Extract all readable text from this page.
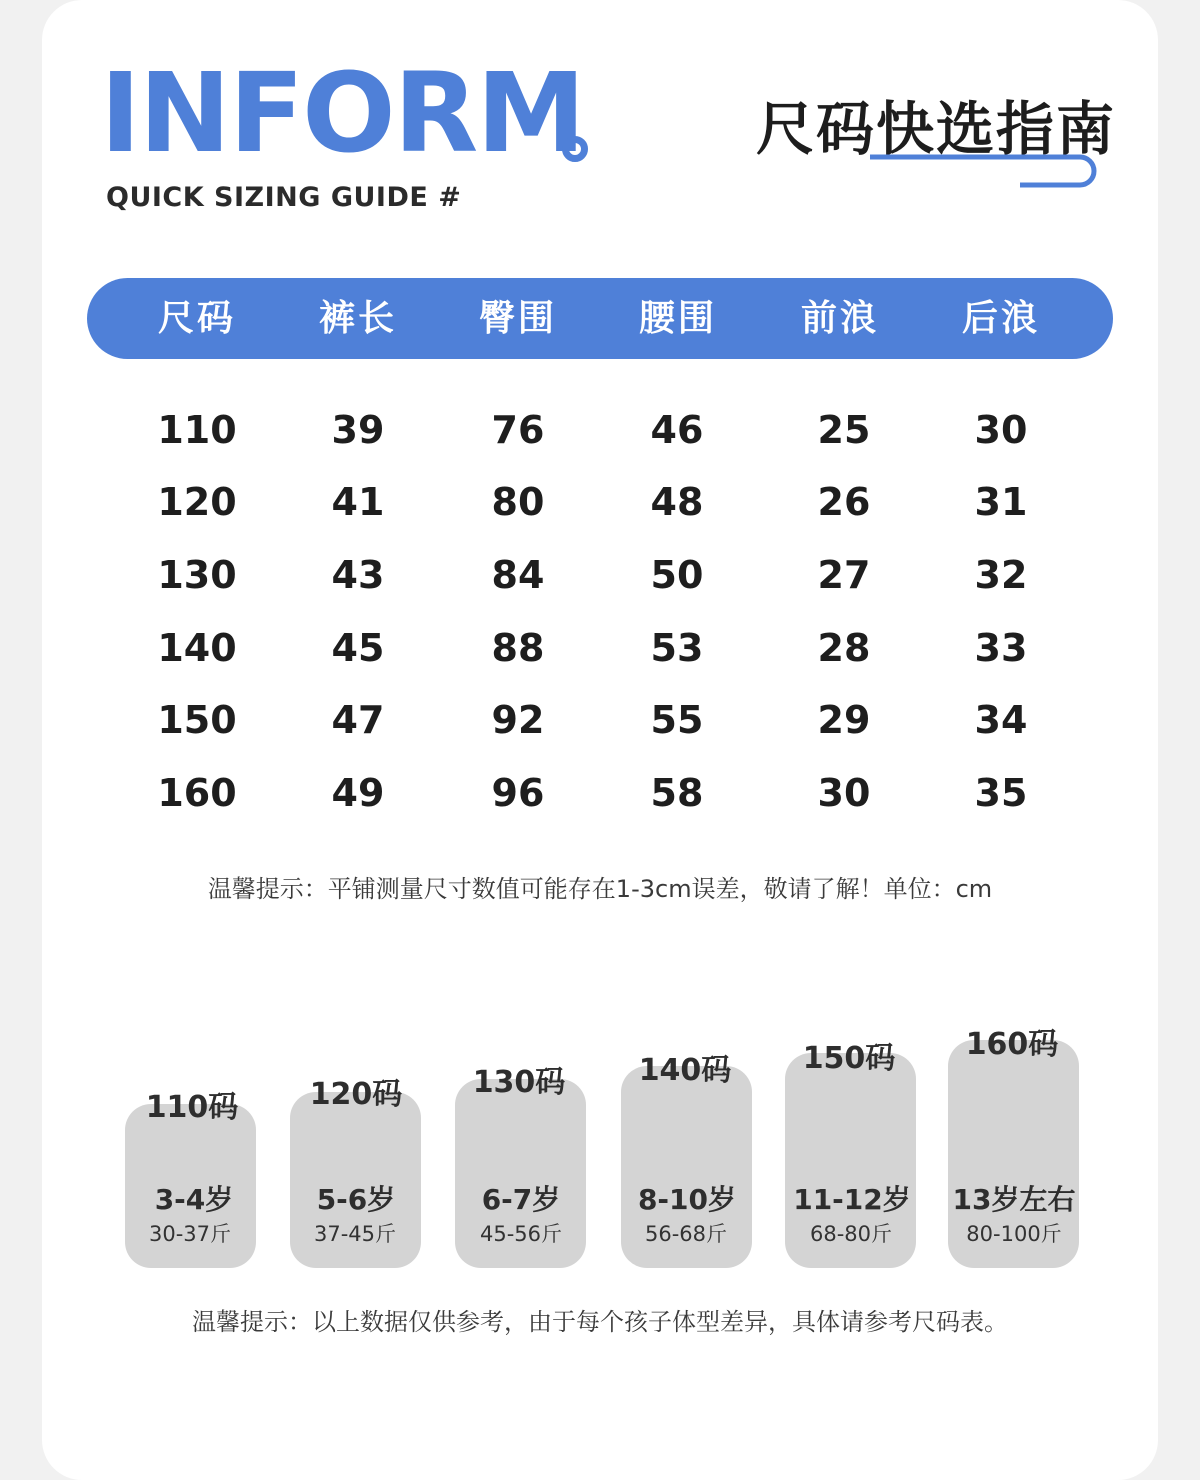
INFORM
QUICK SIZING GUIDE #
尺码快选指南
尺码	裤长	臀围	腰围	前浪	后浪
110	39	76	46	25	30
120	41	80	48	26	31
130	43	84	50	27	32
140	45	88	53	28	33
150	47	92	55	29	34
160	49	96	58	30	35
温馨提示：平铺测量尺寸数值可能存在1-3cm误差，敬请了解！单位：cm
110码	120码	130码	140码	150码	160码
3-4岁	5-6岁	6-7岁	8-10岁	11-12岁	13岁左右
30-37斤	37-45斤	45-56斤	56-68斤	68-80斤	80-100斤
温馨提示：以上数据仅供参考，由于每个孩子体型差异，具体请参考尺码表。
